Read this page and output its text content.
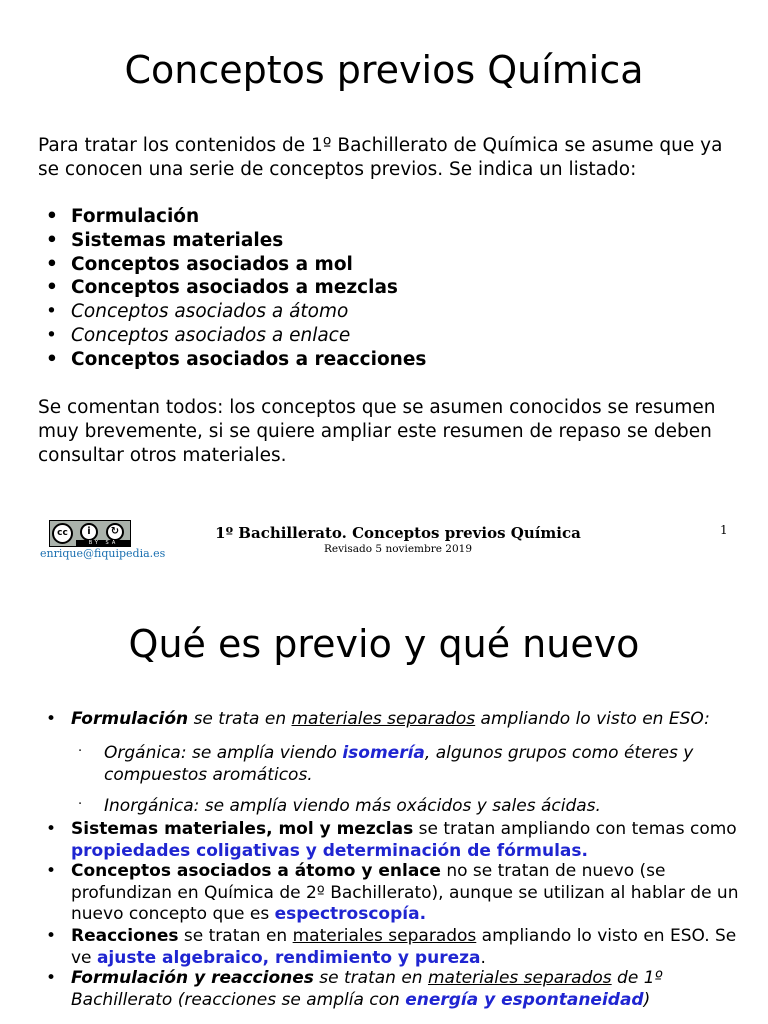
Conceptos previos Química
Para tratar los contenidos de 1º Bachillerato de Química se asume que ya se conocen una serie de conceptos previos. Se indica un listado:
• Formulación
• Sistemas materiales
• Conceptos asociados a mol
• Conceptos asociados a mezclas
• Conceptos asociados a átomo
• Conceptos asociados a enlace
• Conceptos asociados a reacciones
Se comentan todos: los conceptos que se asumen conocidos se resumen muy brevemente, si se quiere ampliar este resumen de repaso se deben consultar otros materiales.
cc	i	↻
BY SA
enrique@fiquipedia.es
1º Bachillerato. Conceptos previos Química
Revisado 5 noviembre 2019
1
Qué es previo y qué nuevo
• Formulación se trata en materiales separados ampliando lo visto en ESO:
· Orgánica: se amplía viendo isomería, algunos grupos como éteres y compuestos aromáticos.
· Inorgánica: se amplía viendo más oxácidos y sales ácidas.
• Sistemas materiales, mol y mezclas se tratan ampliando con temas como propiedades coligativas y determinación de fórmulas.
• Conceptos asociados a átomo y enlace no se tratan de nuevo (se profundizan en Química de 2º Bachillerato), aunque se utilizan al hablar de un nuevo concepto que es espectroscopía.
• Reacciones se tratan en materiales separados ampliando lo visto en ESO. Se ve ajuste algebraico, rendimiento y pureza.
• Formulación y reacciones se tratan en materiales separados de 1º Bachillerato (reacciones se amplía con energía y espontaneidad)
